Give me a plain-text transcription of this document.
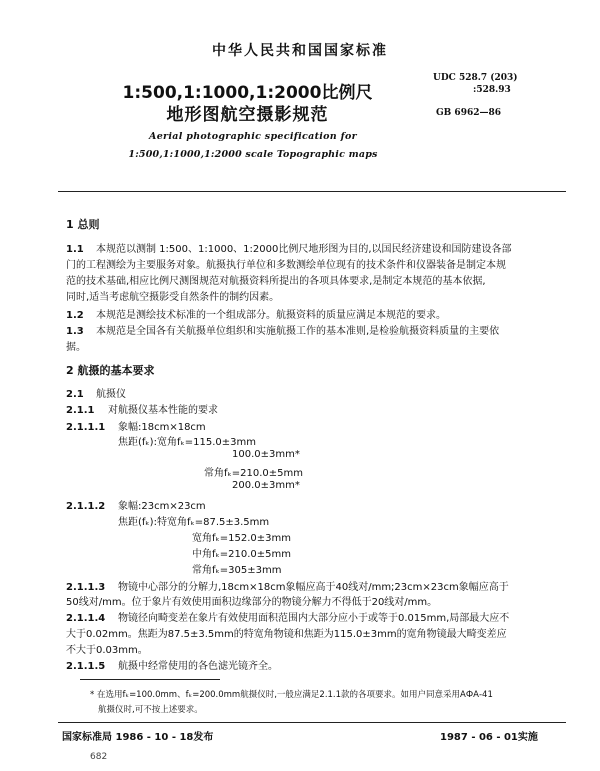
中华人民共和国国家标准
1:500,1:1000,1:2000比例尺
地形图航空摄影规范
UDC 528.7 (203)
:528.93
GB 6962—86
Aerial photographic specification for
1:500,1:1000,1:2000 scale Topographic maps
1 总则
1.1 本规范以测制 1:500、1:1000、1:2000比例尺地形图为目的,以国民经济建设和国防建设各部
门的工程测绘为主要服务对象。航摄执行单位和多数测绘单位现有的技术条件和仪器装备是制定本规
范的技术基础,相应比例尺测图规范对航摄资料所提出的各项具体要求,是制定本规范的基本依据,
同时,适当考虑航空摄影受自然条件的制约因素。
1.2 本规范是测绘技术标准的一个组成部分。航摄资料的质量应满足本规范的要求。
1.3 本规范是全国各有关航摄单位组织和实施航摄工作的基本准则,是检验航摄资料质量的主要依
据。
2 航摄的基本要求
2.1 航摄仪
2.1.1 对航摄仪基本性能的要求
2.1.1.1 象幅:18cm×18cm
焦距(fₖ):宽角fₖ=115.0±3mm
100.0±3mm*
常角fₖ=210.0±5mm
200.0±3mm*
2.1.1.2 象幅:23cm×23cm
焦距(fₖ):特宽角fₖ=87.5±3.5mm
宽角fₖ=152.0±3mm
中角fₖ=210.0±5mm
常角fₖ=305±3mm
2.1.1.3 物镜中心部分的分解力,18cm×18cm象幅应高于40线对/mm;23cm×23cm象幅应高于
50线对/mm。位于象片有效使用面积边缘部分的物镜分解力不得低于20线对/mm。
2.1.1.4 物镜径向畸变差在象片有效使用面积范围内大部分应小于或等于0.015mm,局部最大应不
大于0.02mm。焦距为87.5±3.5mm的特宽角物镜和焦距为115.0±3mm的宽角物镜最大畸变差应
不大于0.03mm。
2.1.1.5 航摄中经常使用的各色滤光镜齐全。
* 在选用fₖ=100.0mm、fₖ=200.0mm航摄仪时,一般应满足2.1.1款的各项要求。如用户同意采用АФА-41
航摄仪时,可不按上述要求。
国家标准局 1986 - 10 - 18发布	1987 - 06 - 01实施
682
